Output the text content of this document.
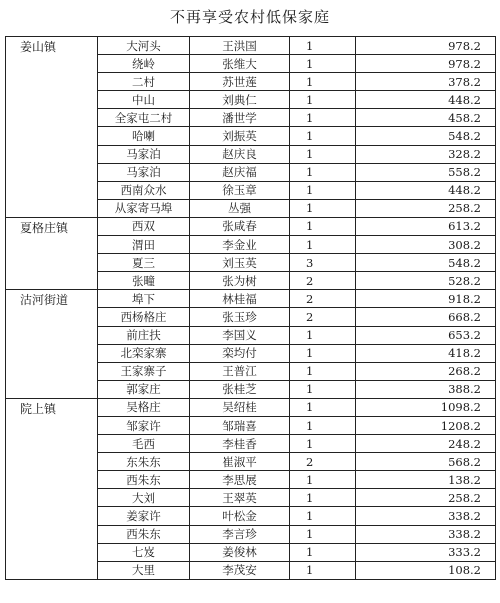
不再享受农村低保家庭
姜山镇	大河头	王洪国	1	978.2
	绕岭	张维大	1	978.2
	二村	苏世莲	1	378.2
	中山	刘典仁	1	448.2
	全家屯二村	潘世学	1	458.2
	哈喇	刘振英	1	548.2
	马家泊	赵庆良	1	328.2
	马家泊	赵庆福	1	558.2
	西南众水	徐玉章	1	448.2
	从家寄马埠	丛强	1	258.2
夏格庄镇	西双	张咸春	1	613.2
	渭田	李金业	1	308.2
	夏三	刘玉英	3	548.2
	张疃	张为树	2	528.2
沽河街道	埠下	林桂福	2	918.2
	西杨格庄	张玉珍	2	668.2
	前庄扶	李国义	1	653.2
	北栾家寨	栾均付	1	418.2
	王家寨子	王普江	1	268.2
	郭家庄	张桂芝	1	388.2
院上镇	吴格庄	吴绍桂	1	1098.2
	邹家许	邹瑞喜	1	1208.2
	毛西	李桂香	1	248.2
	东朱东	崔淑平	2	568.2
	西朱东	李思展	1	138.2
	大刘	王翠英	1	258.2
	姜家许	叶松金	1	338.2
	西朱东	李言珍	1	338.2
	七岌	姜俊林	1	333.2
	大里	李茂安	1	108.2
